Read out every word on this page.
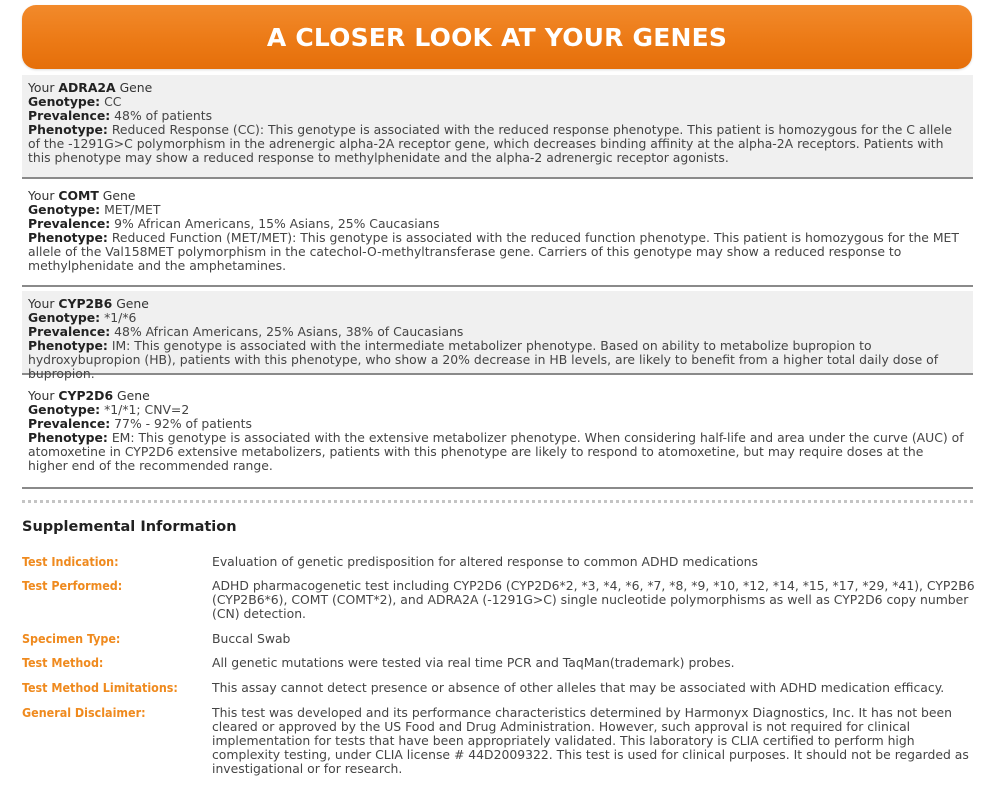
A CLOSER LOOK AT YOUR GENES
Your ADRA2A Gene
Genotype: CC
Prevalence: 48% of patients
Phenotype: Reduced Response (CC): This genotype is associated with the reduced response phenotype. This patient is homozygous for the C allele of the -1291G>C polymorphism in the adrenergic alpha-2A receptor gene, which decreases binding affinity at the alpha-2A receptors. Patients with this phenotype may show a reduced response to methylphenidate and the alpha-2 adrenergic receptor agonists.
Your COMT Gene
Genotype: MET/MET
Prevalence: 9% African Americans, 15% Asians, 25% Caucasians
Phenotype: Reduced Function (MET/MET): This genotype is associated with the reduced function phenotype. This patient is homozygous for the MET allele of the Val158MET polymorphism in the catechol-O-methyltransferase gene. Carriers of this genotype may show a reduced response to methylphenidate and the amphetamines.
Your CYP2B6 Gene
Genotype: *1/*6
Prevalence: 48% African Americans, 25% Asians, 38% of Caucasians
Phenotype: IM: This genotype is associated with the intermediate metabolizer phenotype. Based on ability to metabolize bupropion to hydroxybupropion (HB), patients with this phenotype, who show a 20% decrease in HB levels, are likely to benefit from a higher total daily dose of bupropion.
Your CYP2D6 Gene
Genotype: *1/*1; CNV=2
Prevalence: 77% - 92% of patients
Phenotype: EM: This genotype is associated with the extensive metabolizer phenotype. When considering half-life and area under the curve (AUC) of atomoxetine in CYP2D6 extensive metabolizers, patients with this phenotype are likely to respond to atomoxetine, but may require doses at the higher end of the recommended range.
Supplemental Information
Test Indication:	Evaluation of genetic predisposition for altered response to common ADHD medications
Test Performed:	ADHD pharmacogenetic test including CYP2D6 (CYP2D6*2, *3, *4, *6, *7, *8, *9, *10, *12, *14, *15, *17, *29, *41), CYP2B6 (CYP2B6*6), COMT (COMT*2), and ADRA2A (-1291G>C) single nucleotide polymorphisms as well as CYP2D6 copy number (CN) detection.
Specimen Type:	Buccal Swab
Test Method:	All genetic mutations were tested via real time PCR and TaqMan(trademark) probes.
Test Method Limitations:	This assay cannot detect presence or absence of other alleles that may be associated with ADHD medication efficacy.
General Disclaimer:	This test was developed and its performance characteristics determined by Harmonyx Diagnostics, Inc. It has not been cleared or approved by the US Food and Drug Administration. However, such approval is not required for clinical implementation for tests that have been appropriately validated. This laboratory is CLIA certified to perform high complexity testing, under CLIA license # 44D2009322. This test is used for clinical purposes. It should not be regarded as investigational or for research.
